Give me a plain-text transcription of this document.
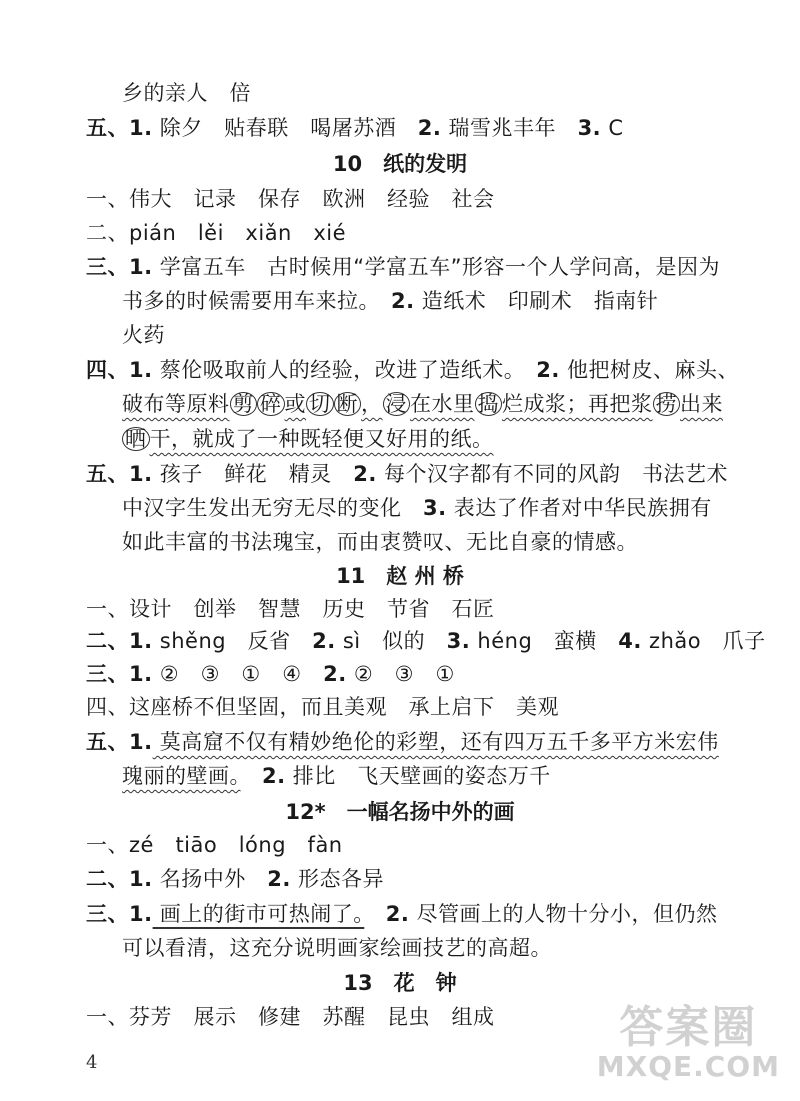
乡的亲人　倍
五、1. 除夕　贴春联　喝屠苏酒　2. 瑞雪兆丰年　3. C
10　纸的发明
一、伟大　记录　保存　欧洲　经验　社会
二、pián　lěi　xiǎn　xié
三、1. 学富五车　古时候用“学富五车”形容一个人学问高，是因为
书多的时候需要用车来拉。　2. 造纸术　印刷术　指南针
火药
四、1. 蔡伦吸取前人的经验，改进了造纸术。　2. 他把树皮、麻头、
破布等原料 剪 碎 或 切 断 ， 浸 在水里 捣 烂成浆；再把浆 捞 出来
晒 干，就成了一种既轻便又好用的纸。
五、1. 孩子　鲜花　精灵　2. 每个汉字都有不同的风韵　书法艺术
中汉字生发出无穷无尽的变化　3. 表达了作者对中华民族拥有
如此丰富的书法瑰宝，而由衷赞叹、无比自豪的情感。
11　赵 州 桥
一、设计　创举　智慧　历史　节省　石匠
二、1. shěng　反省　2. sì　似的　3. héng　蛮横　4. zhǎo　爪子
三、1. ②　③　①　④　2. ②　③　①
四、这座桥不但坚固，而且美观　承上启下　美观
五、1. 莫高窟不仅有精妙绝伦的彩塑，还有四万五千多平方米宏伟
瑰丽的壁画。　2. 排比　飞天壁画的姿态万千
12*　一幅名扬中外的画
一、zé　tiāo　lóng　fàn
二、1. 名扬中外　2. 形态各异
三、1. 画上的街市可热闹了。　2. 尽管画上的人物十分小，但仍然
可以看清，这充分说明画家绘画技艺的高超。
13　花　钟
一、芬芳　展示　修建　苏醒　昆虫　组成
4
答案圈
MXQE.COM
